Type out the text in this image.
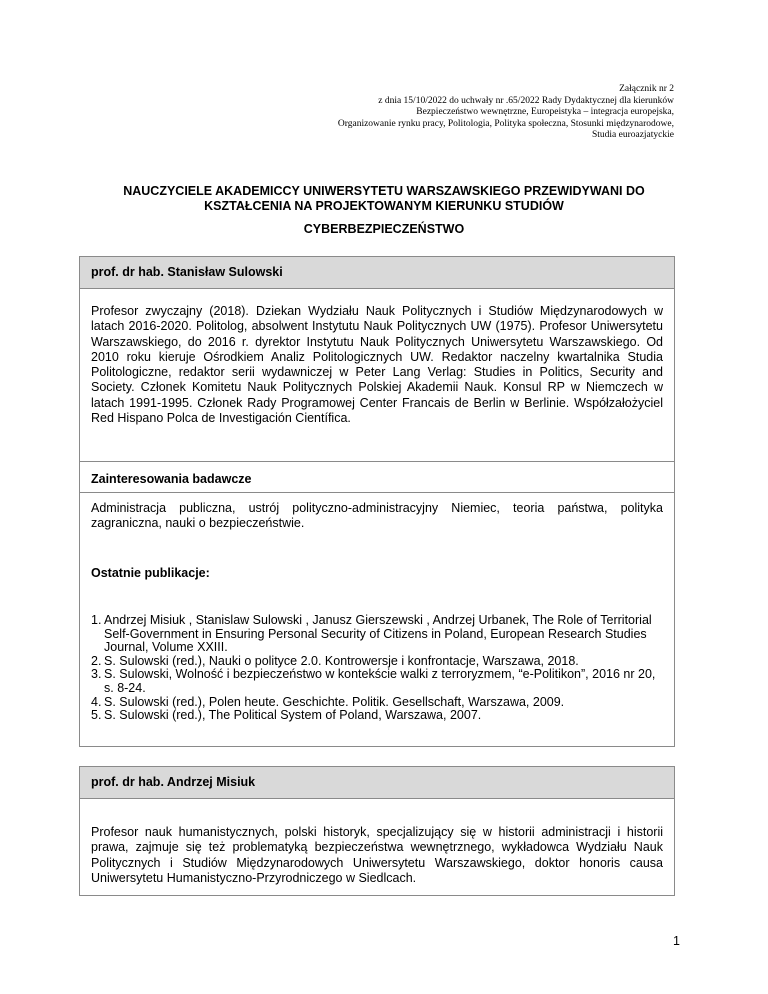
Załącznik nr 2
z dnia 15/10/2022 do uchwały nr .65/2022 Rady Dydaktycznej dla kierunków
Bezpieczeństwo wewnętrzne, Europeistyka – integracja europejska,
Organizowanie rynku pracy, Politologia, Polityka społeczna, Stosunki międzynarodowe,
Studia euroazjatyckie
NAUCZYCIELE AKADEMICCY UNIWERSYTETU WARSZAWSKIEGO PRZEWIDYWANI DO
KSZTAŁCENIA NA PROJEKTOWANYM KIERUNKU STUDIÓW
CYBERBEZPIECZEŃSTWO
prof. dr hab. Stanisław Sulowski
Profesor zwyczajny (2018). Dziekan Wydziału Nauk Politycznych i Studiów Międzynarodowych w latach 2016-2020. Politolog, absolwent Instytutu Nauk Politycznych UW (1975). Profesor Uniwersytetu Warszawskiego, do 2016 r. dyrektor Instytutu Nauk Politycznych Uniwersytetu Warszawskiego. Od 2010 roku kieruje Ośrodkiem Analiz Politologicznych UW. Redaktor naczelny kwartalnika Studia Politologiczne, redaktor serii wydawniczej w Peter Lang Verlag: Studies in Politics, Security and Society. Członek Komitetu Nauk Politycznych Polskiej Akademii Nauk. Konsul RP w Niemczech w latach 1991-1995. Członek Rady Programowej Center Francais de Berlin w Berlinie. Współzałożyciel Red Hispano Polca de Investigación Científica.
Zainteresowania badawcze
Administracja publiczna, ustrój polityczno-administracyjny Niemiec, teoria państwa, polityka zagraniczna, nauki o bezpieczeństwie.
Ostatnie publikacje:
1. Andrzej Misiuk , Stanislaw Sulowski , Janusz Gierszewski , Andrzej Urbanek, The Role of Territorial Self-Government in Ensuring Personal Security of Citizens in Poland, European Research Studies Journal, Volume XXIII.
2. S. Sulowski (red.), Nauki o polityce 2.0. Kontrowersje i konfrontacje, Warszawa, 2018.
3. S. Sulowski, Wolność i bezpieczeństwo w kontekście walki z terroryzmem, “e-Politikon”, 2016 nr 20, s. 8-24.
4. S. Sulowski (red.), Polen heute. Geschichte. Politik. Gesellschaft, Warszawa, 2009.
5. S. Sulowski (red.), The Political System of Poland, Warszawa, 2007.
prof. dr hab. Andrzej Misiuk
Profesor nauk humanistycznych, polski historyk, specjalizujący się w historii administracji i historii prawa, zajmuje się też problematyką bezpieczeństwa wewnętrznego, wykładowca Wydziału Nauk Politycznych i Studiów Międzynarodowych Uniwersytetu Warszawskiego, doktor honoris causa Uniwersytetu Humanistyczno-Przyrodniczego w Siedlcach.
1
